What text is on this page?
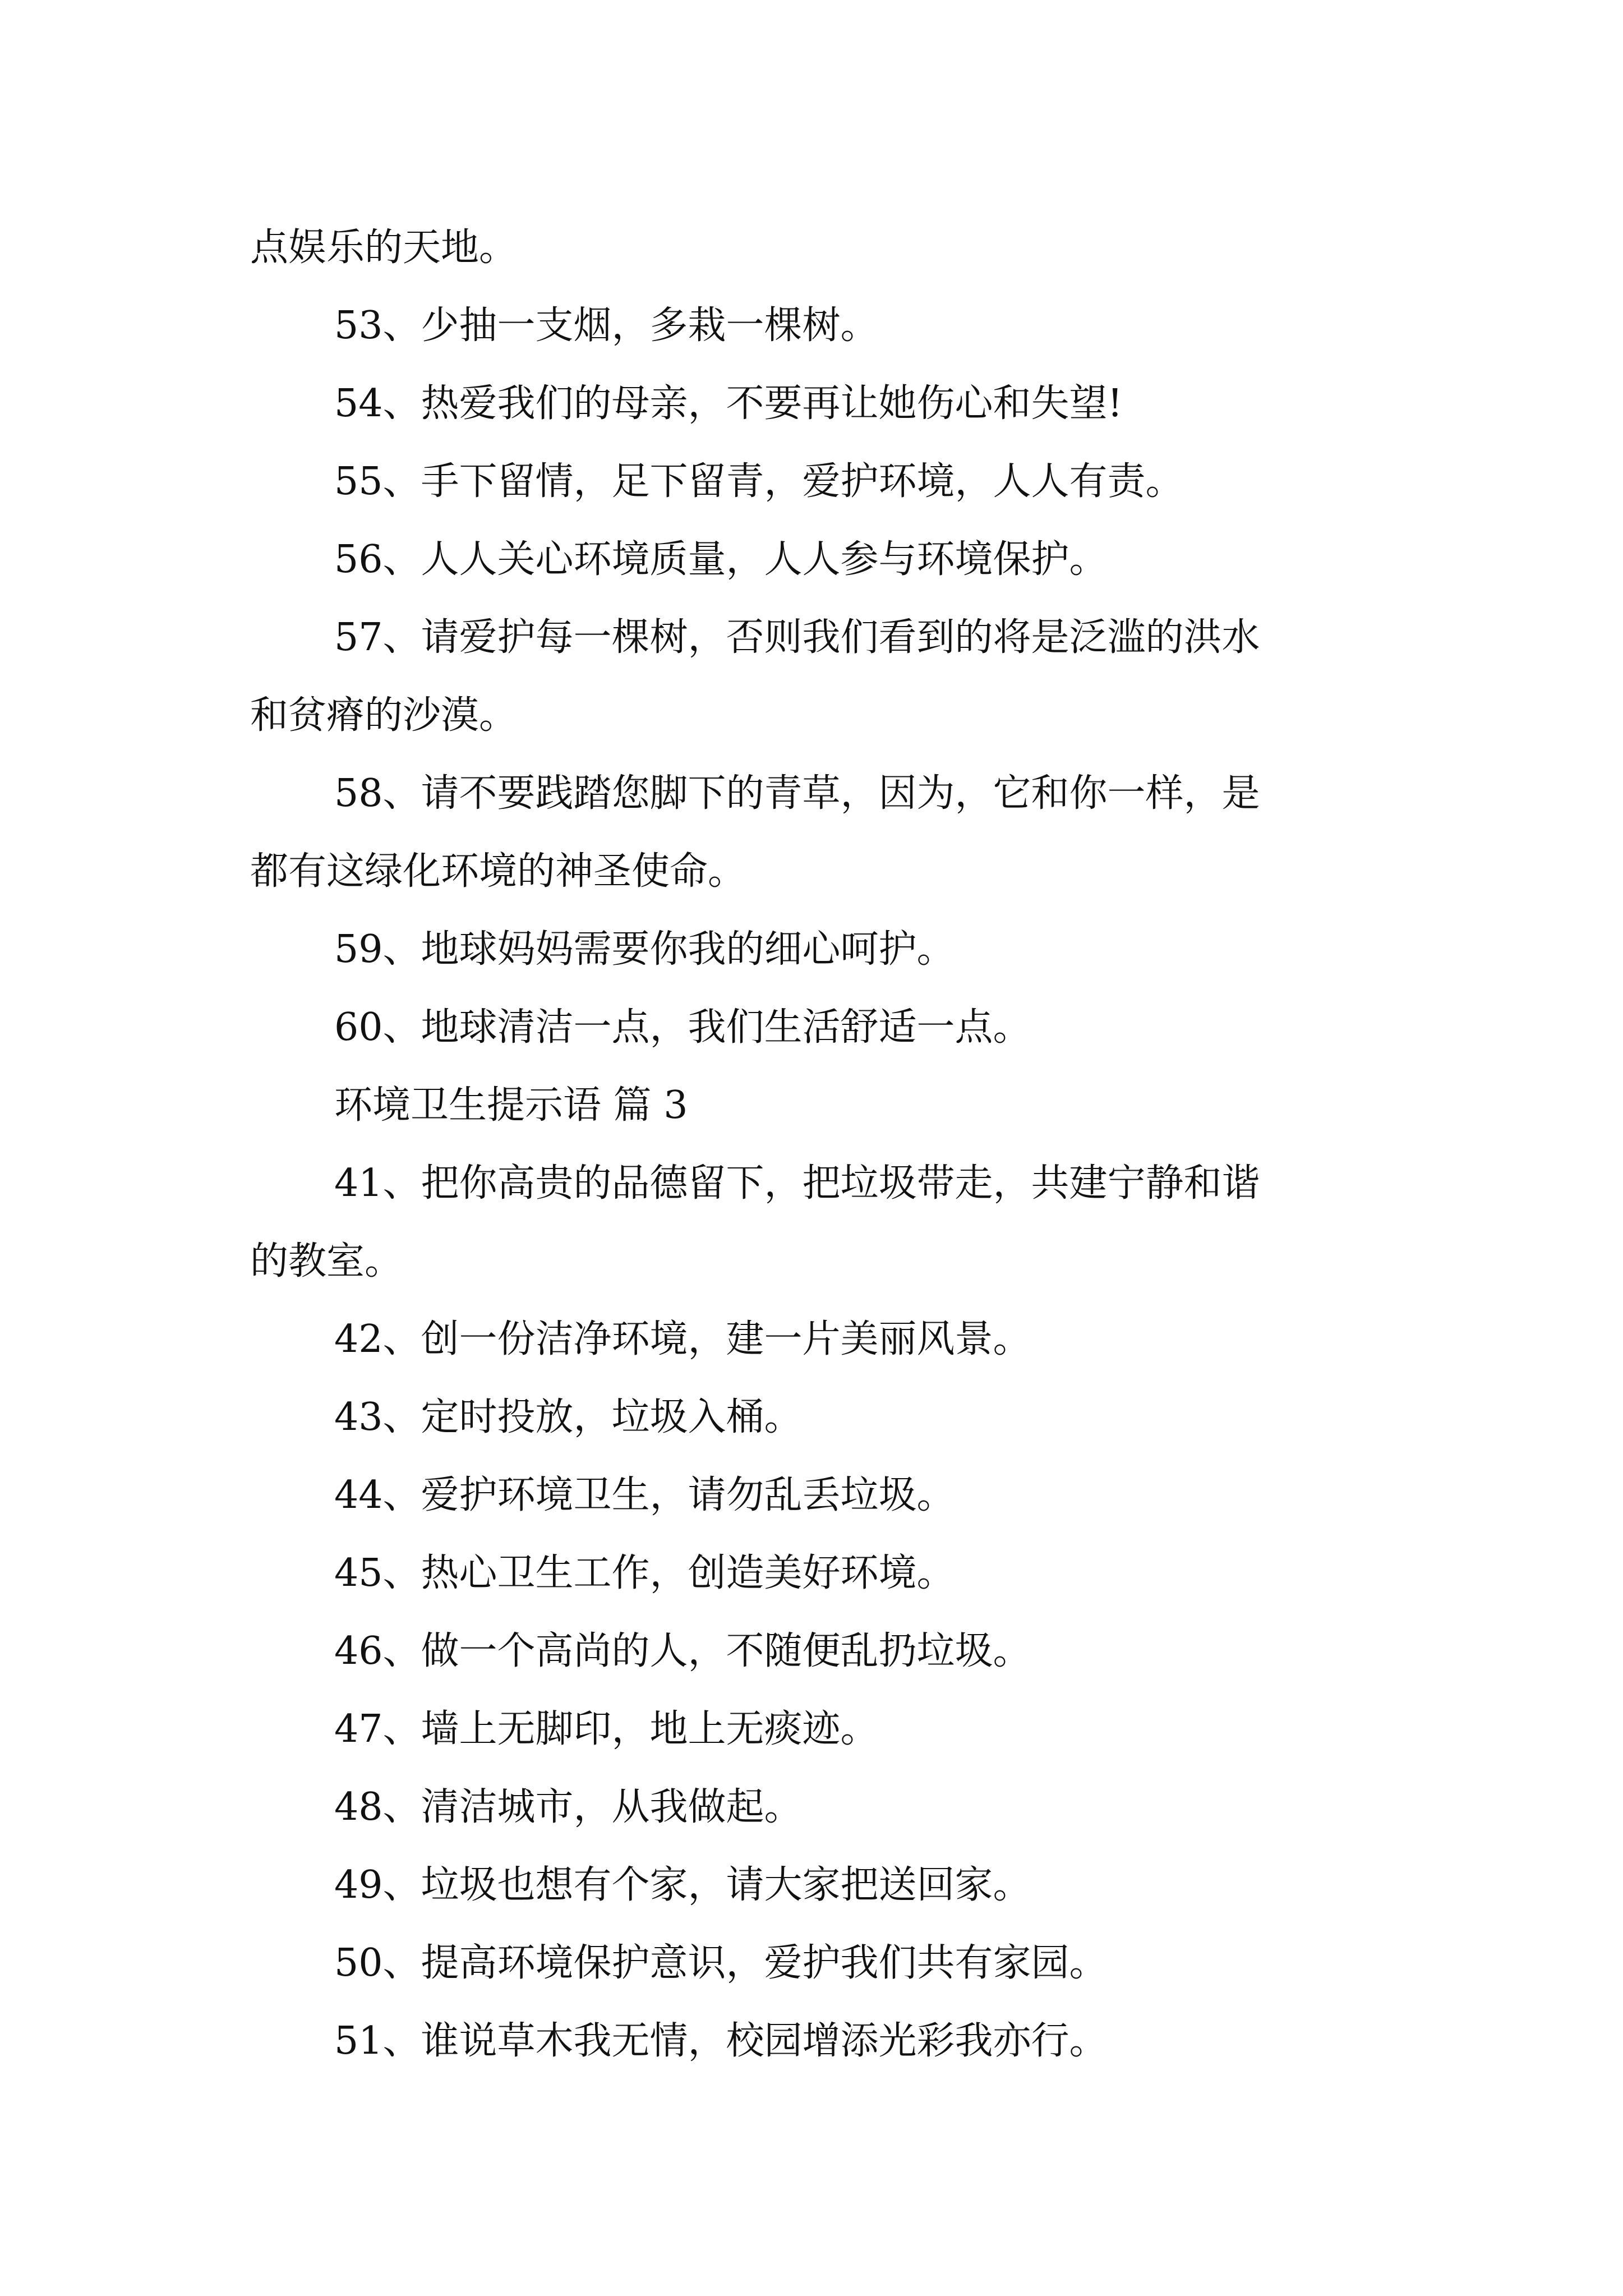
点娱乐的天地。

53、少抽一支烟，多栽一棵树。

54、热爱我们的母亲，不要再让她伤心和失望!

55、手下留情，足下留青，爱护环境，人人有责。

56、人人关心环境质量，人人参与环境保护。

57、请爱护每一棵树，否则我们看到的将是泛滥的洪水

和贫瘠的沙漠。

58、请不要践踏您脚下的青草，因为，它和你一样，是

都有这绿化环境的神圣使命。

59、地球妈妈需要你我的细心呵护。

60、地球清洁一点，我们生活舒适一点。

环境卫生提示语 篇 3

41、把你高贵的品德留下，把垃圾带走，共建宁静和谐

的教室。

42、创一份洁净环境，建一片美丽风景。

43、定时投放，垃圾入桶。

44、爱护环境卫生，请勿乱丢垃圾。

45、热心卫生工作，创造美好环境。

46、做一个高尚的人，不随便乱扔垃圾。

47、墙上无脚印，地上无痰迹。

48、清洁城市，从我做起。

49、垃圾也想有个家，请大家把送回家。

50、提高环境保护意识，爱护我们共有家园。

51、谁说草木我无情，校园增添光彩我亦行。
